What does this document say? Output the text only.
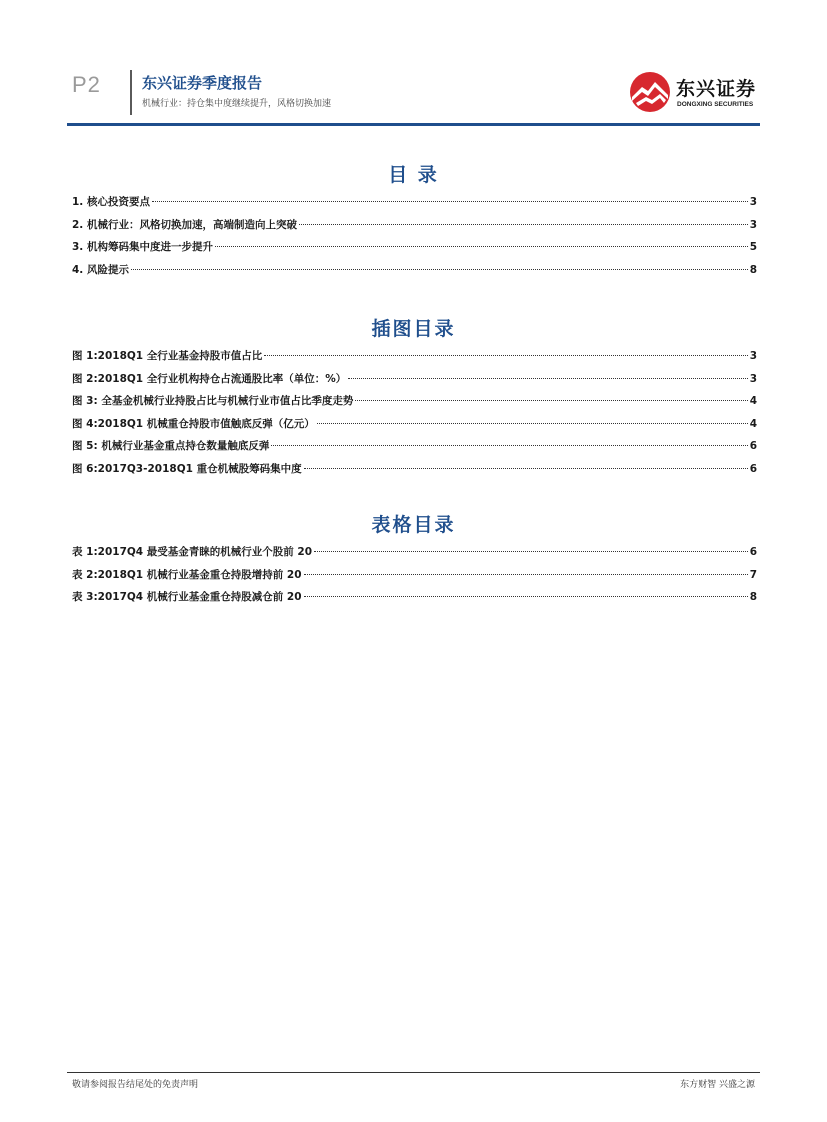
P2	东兴证券季度报告
机械行业：持仓集中度继续提升，风格切换加速
东兴证券
DONGXING SECURITIES
目 录
1. 核心投资要点	3
2. 机械行业：风格切换加速，高端制造向上突破	3
3. 机构筹码集中度进一步提升	5
4. 风险提示	8
插图目录
图 1:2018Q1 全行业基金持股市值占比	3
图 2:2018Q1 全行业机构持仓占流通股比率（单位：%）	3
图 3: 全基金机械行业持股占比与机械行业市值占比季度走势	4
图 4:2018Q1 机械重仓持股市值触底反弹（亿元）	4
图 5: 机械行业基金重点持仓数量触底反弹	6
图 6:2017Q3-2018Q1 重仓机械股筹码集中度	6
表格目录
表 1:2017Q4 最受基金青睐的机械行业个股前 20	6
表 2:2018Q1 机械行业基金重仓持股增持前 20	7
表 3:2017Q4 机械行业基金重仓持股减仓前 20	8
敬请参阅报告结尾处的免责声明	东方财智 兴盛之源
